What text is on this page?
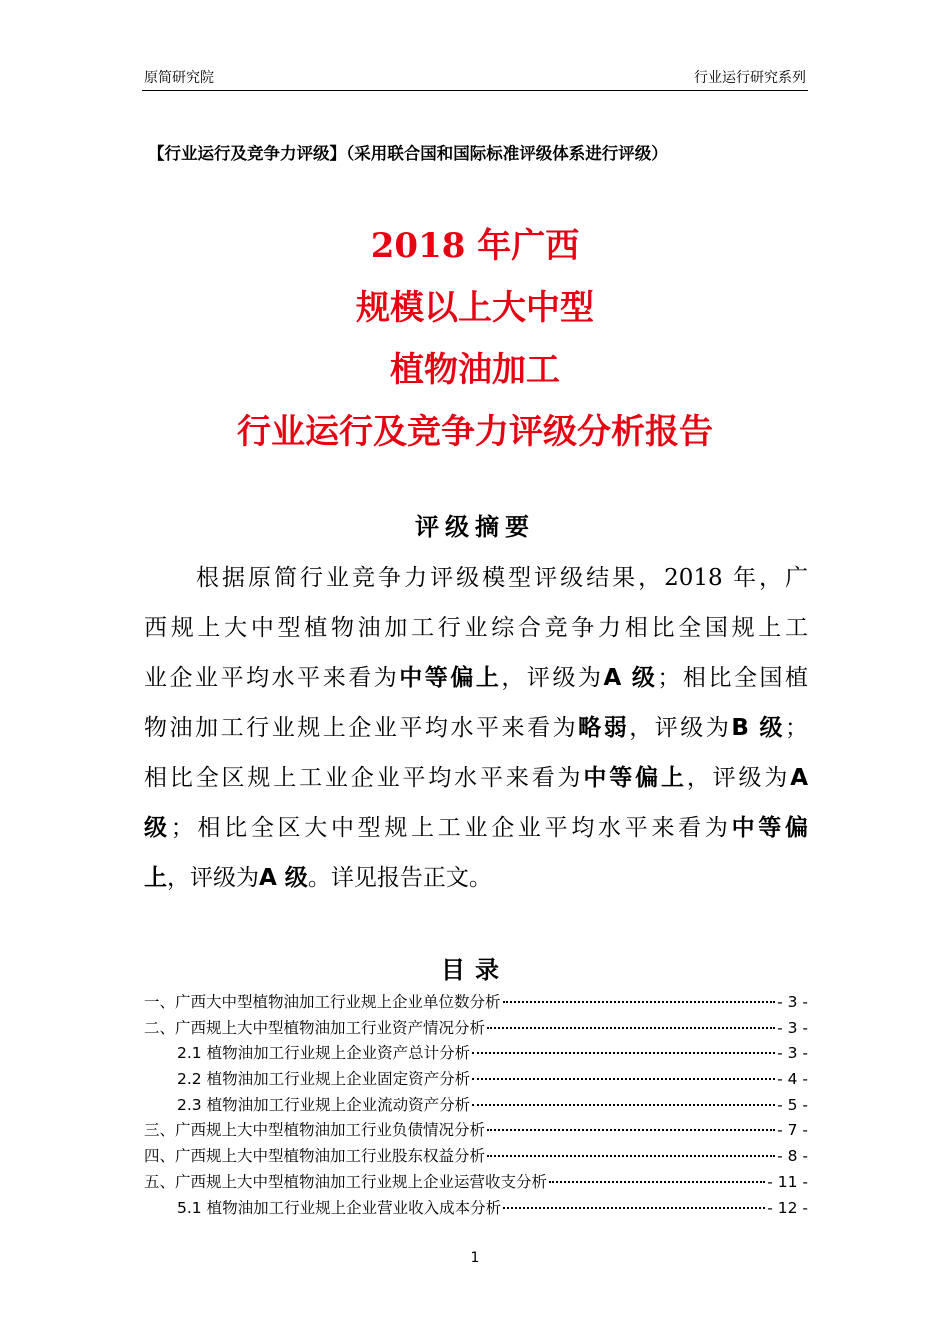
原简研究院	行业运行研究系列
【行业运行及竞争力评级】（采用联合国和国际标准评级体系进行评级）
2018 年广西
规模以上大中型
植物油加工
行业运行及竞争力评级分析报告
评级摘要
　　根据原简行业竞争力评级模型评级结果，2018 年，广
西规上大中型植物油加工行业综合竞争力相比全国规上工
业企业平均水平来看为中等偏上，评级为A 级；相比全国植
物油加工行业规上企业平均水平来看为略弱，评级为B 级；
相比全区规上工业企业平均水平来看为中等偏上，评级为A
级；相比全区大中型规上工业企业平均水平来看为中等偏
上，评级为A 级。详见报告正文。
目录
一、广西大中型植物油加工行业规上企业单位数分析	- 3 -
二、广西规上大中型植物油加工行业资产情况分析	- 3 -
2.1 植物油加工行业规上企业资产总计分析	- 3 -
2.2 植物油加工行业规上企业固定资产分析	- 4 -
2.3 植物油加工行业规上企业流动资产分析	- 5 -
三、广西规上大中型植物油加工行业负债情况分析	- 7 -
四、广西规上大中型植物油加工行业股东权益分析	- 8 -
五、广西规上大中型植物油加工行业规上企业运营收支分析	- 11 -
5.1 植物油加工行业规上企业营业收入成本分析	- 12 -
1
